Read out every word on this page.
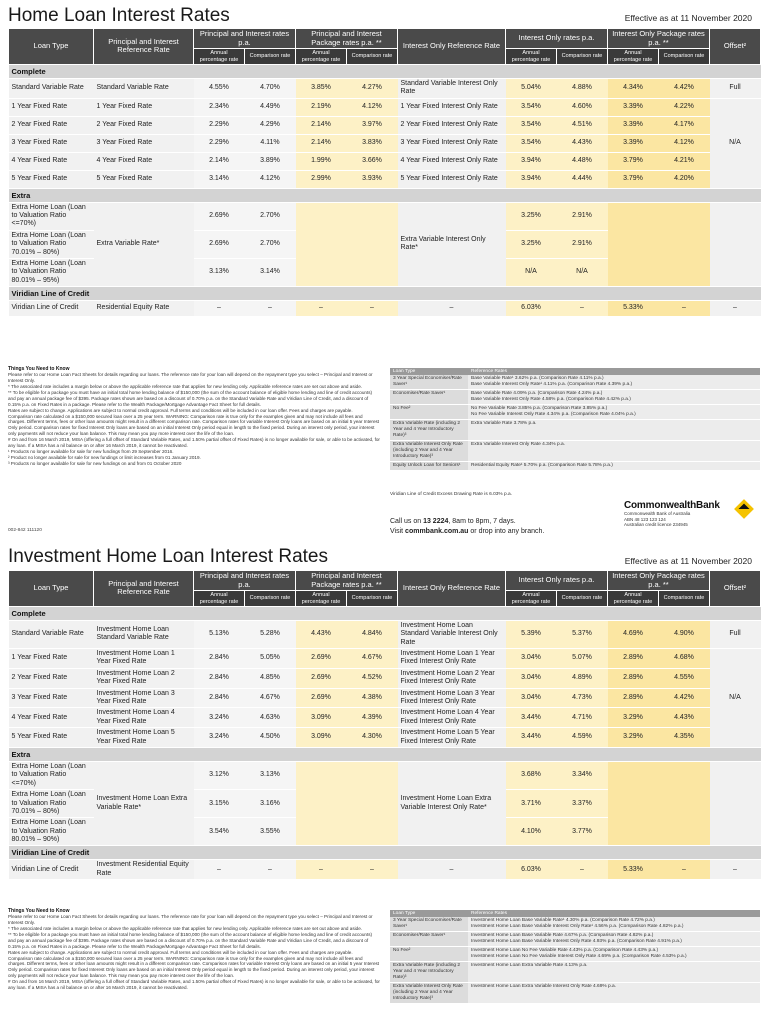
Home Loan Interest Rates	Effective as at 11 November 2020
Loan Type	Principal and Interest Reference Rate	Principal and Interest rates p.a.		Principal and Interest Package rates p.a. **		Interest Only Reference Rate	Interest Only rates p.a.		Interest Only Package rates p.a. **		Offset²
		Annual percentage rate	Comparison rate	Annual percentage rate	Comparison rate		Annual percentage rate	Comparison rate	Annual percentage rate	Comparison rate	
Complete											
Standard Variable Rate	Standard Variable Rate	4.55%	4.70%	3.85%	4.27%	Standard Variable Interest Only Rate	5.04%	4.88%	4.34%	4.42%	Full
1 Year Fixed Rate	1 Year Fixed Rate	2.34%	4.49%	2.19%	4.12%	1 Year Fixed Interest Only Rate	3.54%	4.60%	3.39%	4.22%	N/A
2 Year Fixed Rate	2 Year Fixed Rate	2.29%	4.29%	2.14%	3.97%	2 Year Fixed Interest Only Rate	3.54%	4.51%	3.39%	4.17%	
3 Year Fixed Rate	3 Year Fixed Rate	2.29%	4.11%	2.14%	3.83%	3 Year Fixed Interest Only Rate	3.54%	4.43%	3.39%	4.12%	
4 Year Fixed Rate	4 Year Fixed Rate	2.14%	3.89%	1.99%	3.66%	4 Year Fixed Interest Only Rate	3.94%	4.48%	3.79%	4.21%	
5 Year Fixed Rate	5 Year Fixed Rate	3.14%	4.12%	2.99%	3.93%	5 Year Fixed Interest Only Rate	3.94%	4.44%	3.79%	4.20%	
Extra											
Extra Home Loan (Loan to Valuation Ratio <=70%)	Extra Variable Rate*	2.69%	2.70%			Extra Variable Interest Only Rate*	3.25%	2.91%			
Extra Home Loan (Loan to Valuation Ratio 70.01% – 80%)		2.69%	2.70%				3.25%	2.91%			
Extra Home Loan (Loan to Valuation Ratio 80.01% – 95%)		3.13%	3.14%				N/A	N/A			
Viridian Line of Credit											
Viridian Line of Credit	Residential Equity Rate	–	–	–	–	–	6.03%	–	5.33%	–	–
Things You Need to Know
Please refer to our Home Loan Fact Sheets for details regarding our loans. The reference rate for your loan will depend on the repayment type you select – Principal and Interest or Interest Only.
* The associated rate includes a margin below or above the applicable reference rate that applies for new lending only. Applicable reference rates are set out above and aside.
** To be eligible for a package you must have an initial total home lending balance of $150,000 (the sum of the account balance of eligible home lending and line of credit accounts) and pay an annual package fee of $395. Package rates shown are based on a discount of 0.70% p.a. on the Standard Variable Rate and Viridian Line of Credit, and a discount of 0.15% p.a. on Fixed Rates in a package. Please refer to the Wealth Package/Mortgage Advantage Fact Sheet for full details.
Rates are subject to change. Applications are subject to normal credit approval. Full terms and conditions will be included in our loan offer. Fees and charges are payable.
Comparison rate calculated on a $150,000 secured loan over a 25 year term. WARNING: Comparison rate is true only for the examples given and may not include all fees and charges. Different terms, fees or other loan amounts might result in a different comparison rate. Comparison rates for variable Interest Only loans are based on an initial 5 year Interest Only period. Comparison rates for fixed Interest Only loans are based on an initial Interest Only period equal in length to the fixed period. During an interest only period, your interest only payments will not reduce your loan balance. This may mean you pay more interest over the life of the loan.
# On and from 16 March 2019, MISA (offering a full offset of Standard Variable Rates, and 1.50% partial offset of Fixed Rates) is no longer available for sale, or able to be activated, for any loan. If a MISA has a nil balance on or after 16 March 2019, it cannot be reactivated.
¹ Products no longer available for sale for new fundings from 29 September 2016.
² Product no longer available for sale for new fundings or limit increases from 01 January 2019.
³ Products no longer available for sale for new fundings on and from 01 October 2020
002-842 111120
Loan Type	Reference Rates
3 Year Special Economiser/Rate Saver¹	Base Variable Rate¹ 3.62% p.a. (Comparison Rate 4.11% p.a.)
Base Variable Interest Only Rate¹ 4.11% p.a. (Comparison Rate 4.39% p.a.)

Economiser/Rate Saver¹	Base Variable Rate 4.09% p.a. (Comparison Rate 4.24% p.a.)
Base Variable Interest Only Rate 4.58% p.a. (Comparison Rate 4.42% p.a.)

No Fee²	No Fee Variable Rate 3.85% p.a. (Comparison Rate 3.85% p.a.)
No Fee Variable Interest Only Rate 4.34% p.a. (Comparison Rate 4.04% p.a.)

Extra Variable Rate (including 2 Year and 4 Year Introductory Rate)³	Extra Variable Rate 3.78% p.a.

Extra Variable Interest Only Rate (including 2 Year and 4 Year Introductory Rate)³	Extra Variable Interest Only Rate 4.34% p.a.

Equity Unlock Loan for Seniors¹	Residential Equity Rate¹ 5.70% p.a. (Comparison Rate 5.78% p.a.)
Viridian Line of Credit Excess Drawing Rate is 6.03% p.a.
Call us on 13 2224, 8am to 8pm, 7 days.
Visit commbank.com.au or drop into any branch.
CommonwealthBank
Commonwealth Bank of Australia
ABN 48 123 123 124
Australian credit licence 234945
Investment Home Loan Interest Rates	Effective as at 11 November 2020
Loan Type	Principal and Interest Reference Rate	Principal and Interest rates p.a.		Principal and Interest Package rates p.a. **		Interest Only Reference Rate	Interest Only rates p.a.		Interest Only Package rates p.a. **		Offset²
		Annual percentage rate	Comparison rate	Annual percentage rate	Comparison rate		Annual percentage rate	Comparison rate	Annual percentage rate	Comparison rate	
Complete											
Standard Variable Rate	Investment Home Loan Standard Variable Rate	5.13%	5.28%	4.43%	4.84%	Investment Home Loan Standard Variable Interest Only Rate	5.39%	5.37%	4.69%	4.90%	Full
1 Year Fixed Rate	Investment Home Loan 1 Year Fixed Rate	2.84%	5.05%	2.69%	4.67%	Investment Home Loan 1 Year Fixed Interest Only Rate	3.04%	5.07%	2.89%	4.68%	N/A
2 Year Fixed Rate	Investment Home Loan 2 Year Fixed Rate	2.84%	4.85%	2.69%	4.52%	Investment Home Loan 2 Year Fixed Interest Only Rate	3.04%	4.89%	2.89%	4.55%	
3 Year Fixed Rate	Investment Home Loan 3 Year Fixed Rate	2.84%	4.67%	2.69%	4.38%	Investment Home Loan 3 Year Fixed Interest Only Rate	3.04%	4.73%	2.89%	4.42%	
4 Year Fixed Rate	Investment Home Loan 4 Year Fixed Rate	3.24%	4.63%	3.09%	4.39%	Investment Home Loan 4 Year Fixed Interest Only Rate	3.44%	4.71%	3.29%	4.43%	
5 Year Fixed Rate	Investment Home Loan 5 Year Fixed Rate	3.24%	4.50%	3.09%	4.30%	Investment Home Loan 5 Year Fixed Interest Only Rate	3.44%	4.59%	3.29%	4.35%	
Extra											
Extra Home Loan (Loan to Valuation Ratio <=70%)	Investment Home Loan Extra Variable Rate*	3.12%	3.13%			Investment Home Loan Extra Variable Interest Only Rate*	3.68%	3.34%			
Extra Home Loan (Loan to Valuation Ratio 70.01% – 80%)		3.15%	3.16%				3.71%	3.37%			
Extra Home Loan (Loan to Valuation Ratio 80.01% – 90%)		3.54%	3.55%				4.10%	3.77%			
Viridian Line of Credit											
Viridian Line of Credit	Investment Residential Equity Rate	–	–	–	–	–	6.03%	–	5.33%	–	–
Things You Need to Know
Please refer to our Home Loan Fact Sheets for details regarding our loans. The reference rate for your loan will depend on the repayment type you select – Principal and Interest or Interest Only.
* The associated rate includes a margin below or above the applicable reference rate that applies for new lending only. Applicable reference rates are set out above and aside.
** To be eligible for a package you must have an initial total home lending balance of $150,000 (the sum of the account balance of eligible home lending and line of credit accounts) and pay an annual package fee of $395. Package rates shown are based on a discount of 0.70% p.a. on the Standard Variable Rate and Viridian Line of Credit, and a discount of 0.15% p.a. on Fixed Rates in a package. Please refer to the Wealth Package/Mortgage Advantage Fact Sheet for full details.
Rates are subject to change. Applications are subject to normal credit approval. Full terms and conditions will be included in our loan offer. Fees and charges are payable.
Comparison rate calculated on a $150,000 secured loan over a 25 year term. WARNING: Comparison rate is true only for the examples given and may not include all fees and charges. Different terms, fees or other loan amounts might result in a different comparison rate. Comparison rates for variable Interest Only loans are based on an initial 5 year Interest Only period. Comparison rates for fixed Interest Only loans are based on an initial Interest Only period equal in length to the fixed period. During an interest only period, your interest only payments will not reduce your loan balance. This may mean you pay more interest over the life of the loan.
# On and from 16 March 2019, MISA (offering a full offset of Standard Variable Rates, and 1.50% partial offset of Fixed Rates) is no longer available for sale, or able to be activated, for any loan. If a MISA has a nil balance on or after 16 March 2019, it cannot be reactivated.
Loan Type	Reference Rates
3 Year Special Economiser/Rate Saver¹	Investment Home Loan Base Variable Rate¹ 4.30% p.a. (Comparison Rate 4.72% p.a.)
Investment Home Loan Base Variable Interest Only Rate¹ 4.56% p.a. (Comparison Rate 4.82% p.a.)

Economiser/Rate Saver¹	Investment Home Loan Base Variable Rate 4.67% p.a. (Comparison Rate 4.82% p.a.)
Investment Home Loan Base Variable Interest Only Rate 4.93% p.a. (Comparison Rate 4.91% p.a.)

No Fee²	Investment Home Loan No Fee Variable Rate 4.43% p.a. (Comparison Rate 4.43% p.a.)
Investment Home Loan No Fee Variable Interest Only Rate 4.69% p.a. (Comparison Rate 4.53% p.a.)

Extra Variable Rate (including 2 Year and 4 Year Introductory Rate)³	Investment Home Loan Extra Variable Rate 4.13% p.a.

Extra Variable Interest Only Rate (including 2 Year and 4 Year Introductory Rate)³	Investment Home Loan Extra Variable Interest Only Rate 4.69% p.a.
